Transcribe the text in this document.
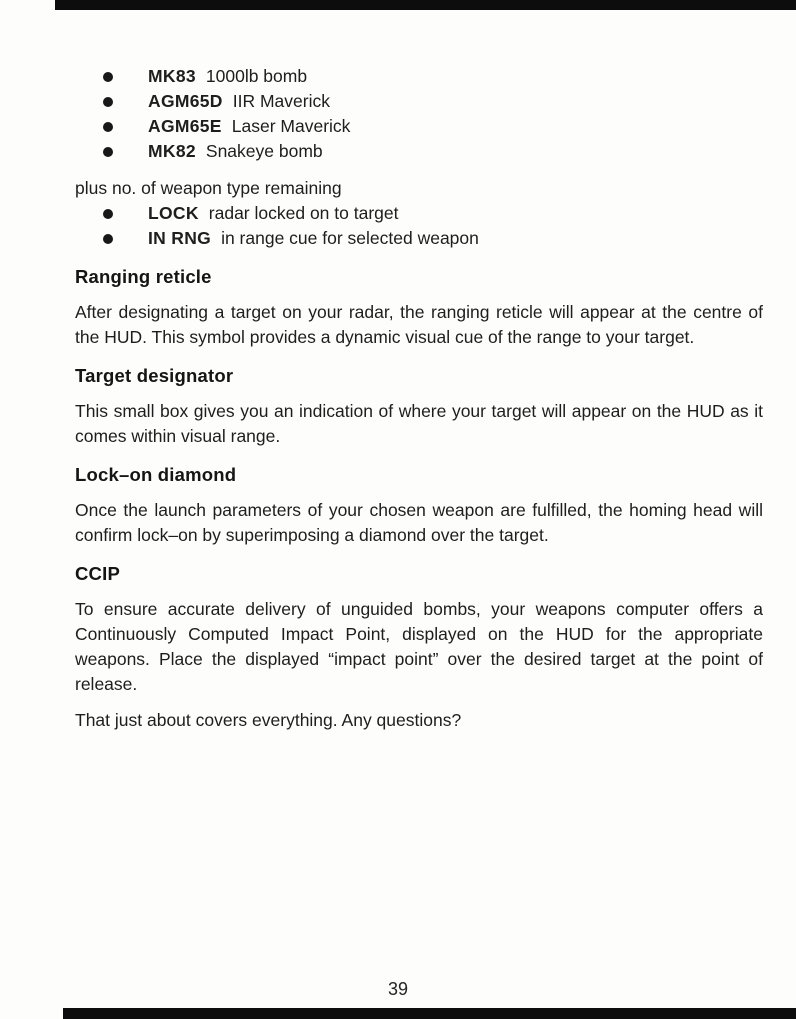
MK83 1000lb bomb
AGM65D IIR Maverick
AGM65E Laser Maverick
MK82 Snakeye bomb
plus no. of weapon type remaining
LOCK radar locked on to target
IN RNG in range cue for selected weapon
Ranging reticle
After designating a target on your radar, the ranging reticle will appear at the centre of the HUD. This symbol provides a dynamic visual cue of the range to your target.
Target designator
This small box gives you an indication of where your target will appear on the HUD as it comes within visual range.
Lock–on diamond
Once the launch parameters of your chosen weapon are fulfilled, the homing head will confirm lock–on by superimposing a diamond over the target.
CCIP
To ensure accurate delivery of unguided bombs, your weapons computer offers a Continuously Computed Impact Point, displayed on the HUD for the appropriate weapons. Place the displayed “impact point” over the desired target at the point of release.
That just about covers everything. Any questions?
39
